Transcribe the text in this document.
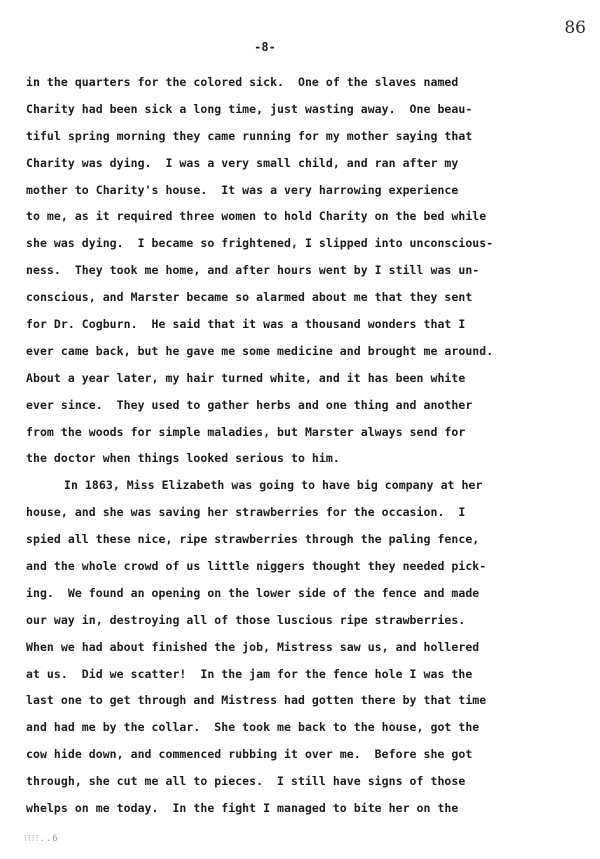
86
-8-
in the quarters for the colored sick.  One of the slaves named
Charity had been sick a long time, just wasting away.  One beau-
tiful spring morning they came running for my mother saying that
Charity was dying.  I was a very small child, and ran after my
mother to Charity's house.  It was a very harrowing experience
to me, as it required three women to hold Charity on the bed while
she was dying.  I became so frightened, I slipped into unconscious-
ness.  They took me home, and after hours went by I still was un-
conscious, and Marster became so alarmed about me that they sent
for Dr. Cogburn.  He said that it was a thousand wonders that I
ever came back, but he gave me some medicine and brought me around.
About a year later, my hair turned white, and it has been white
ever since.  They used to gather herbs and one thing and another
from the woods for simple maladies, but Marster always send for
the doctor when things looked serious to him.
In 1863, Miss Elizabeth was going to have big company at her
house, and she was saving her strawberries for the occasion.  I
spied all these nice, ripe strawberries through the paling fence,
and the whole crowd of us little niggers thought they needed pick-
ing.  We found an opening on the lower side of the fence and made
our way in, destroying all of those luscious ripe strawberries.
When we had about finished the job, Mistress saw us, and hollered
at us.  Did we scatter!  In the jam for the fence hole I was the
last one to get through and Mistress had gotten there by that time
and had me by the collar.  She took me back to the house, got the
cow hide down, and commenced rubbing it over me.  Before she got
through, she cut me all to pieces.  I still have signs of those
whelps on me today.  In the fight I managed to bite her on the
⁝⁝⁝⁝..6
